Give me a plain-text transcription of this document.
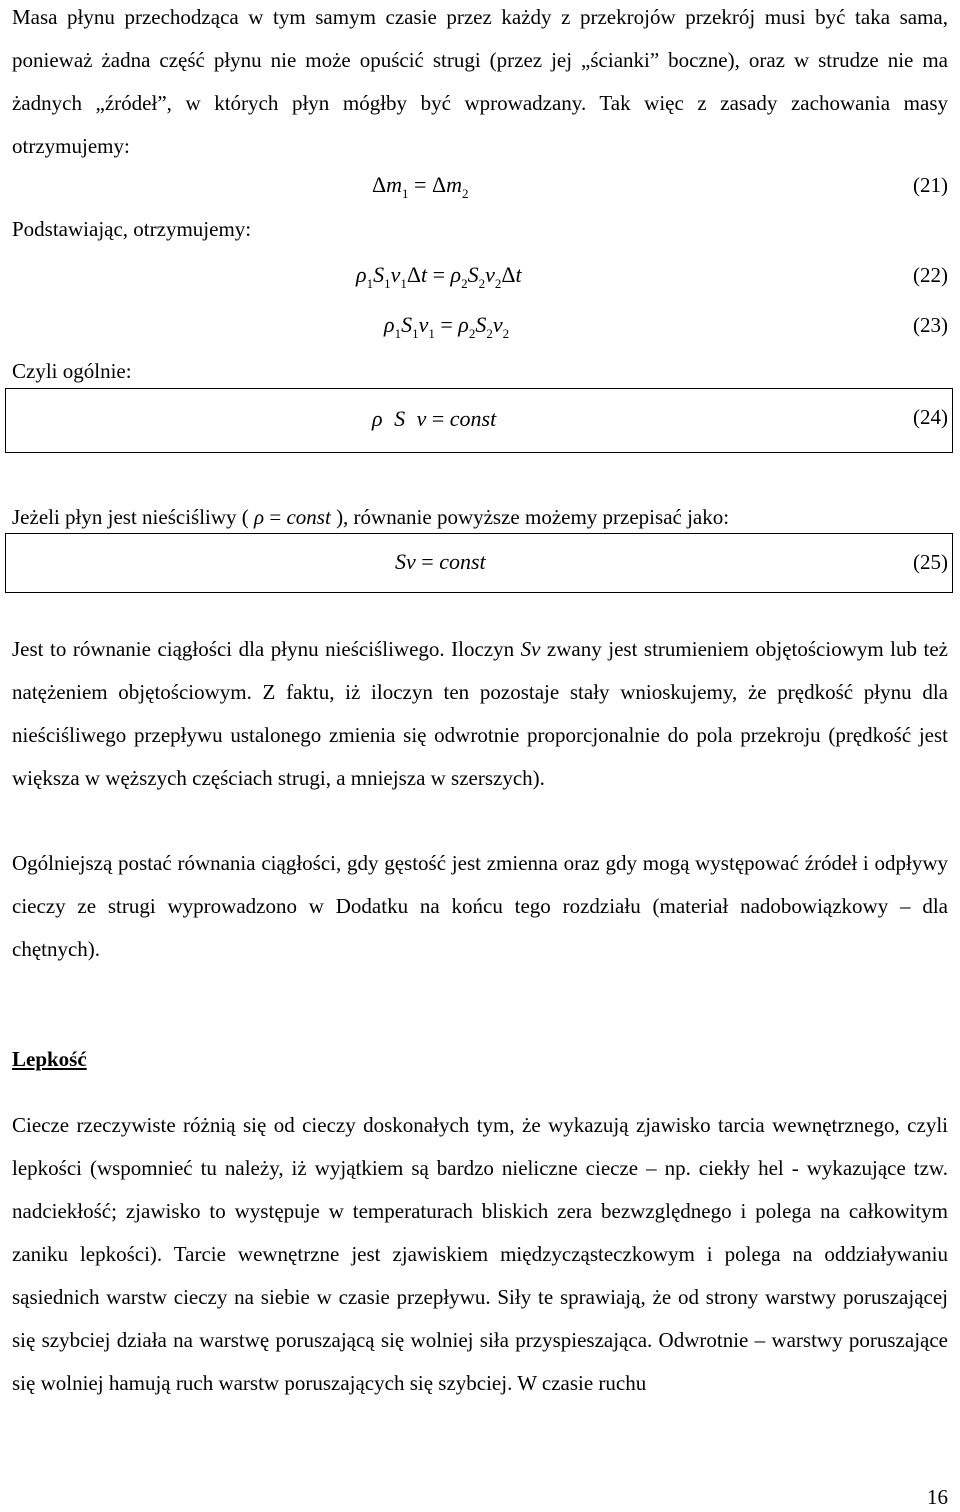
Masa płynu przechodząca w tym samym czasie przez każdy z przekrojów przekrój musi być taka sama, ponieważ żadna część płynu nie może opuścić strugi (przez jej „ścianki” boczne), oraz w strudze nie ma żadnych „źródeł”, w których płyn mógłby być wprowadzany. Tak więc z zasady zachowania masy otrzymujemy:

$\Delta m_1 = \Delta m_2$	(21)
Podstawiając, otrzymujemy:
$\rho_1S_1v_1\Delta t = \rho_2S_2v_2\Delta t$	(22)
$\rho_1S_1v_1 = \rho_2S_2v_2$	(23)
Czyli ogólnie:
ρ S v = const	(24)
Jeżeli płyn jest nieściśliwy ( ρ = const ), równanie powyższe możemy przepisać jako:
Sv = const	(25)

Jest to równanie ciągłości dla płynu nieściśliwego. Iloczyn Sv zwany jest strumieniem objętościowym lub też natężeniem objętościowym. Z faktu, iż iloczyn ten pozostaje stały wnioskujemy, że prędkość płynu dla nieściśliwego przepływu ustalonego zmienia się odwrotnie proporcjonalnie do pola przekroju (prędkość jest większa w węższych częściach strugi, a mniejsza w szerszych).

Ogólniejszą postać równania ciągłości, gdy gęstość jest zmienna oraz gdy mogą występować źródeł i odpływy cieczy ze strugi wyprowadzono w Dodatku na końcu tego rozdziału (materiał nadobowiązkowy – dla chętnych).

Lepkość

Ciecze rzeczywiste różnią się od cieczy doskonałych tym, że wykazują zjawisko tarcia wewnętrznego, czyli lepkości (wspomnieć tu należy, iż wyjątkiem są bardzo nieliczne ciecze – np. ciekły hel - wykazujące tzw. nadciekłość; zjawisko to występuje w temperaturach bliskich zera bezwzględnego i polega na całkowitym zaniku lepkości). Tarcie wewnętrzne jest zjawiskiem międzycząsteczkowym i polega na oddziaływaniu sąsiednich warstw cieczy na siebie w czasie przepływu. Siły te sprawiają, że od strony warstwy poruszającej się szybciej działa na warstwę poruszającą się wolniej siła przyspieszająca. Odwrotnie – warstwy poruszające się wolniej hamują ruch warstw poruszających się szybciej. W czasie ruchu

16
